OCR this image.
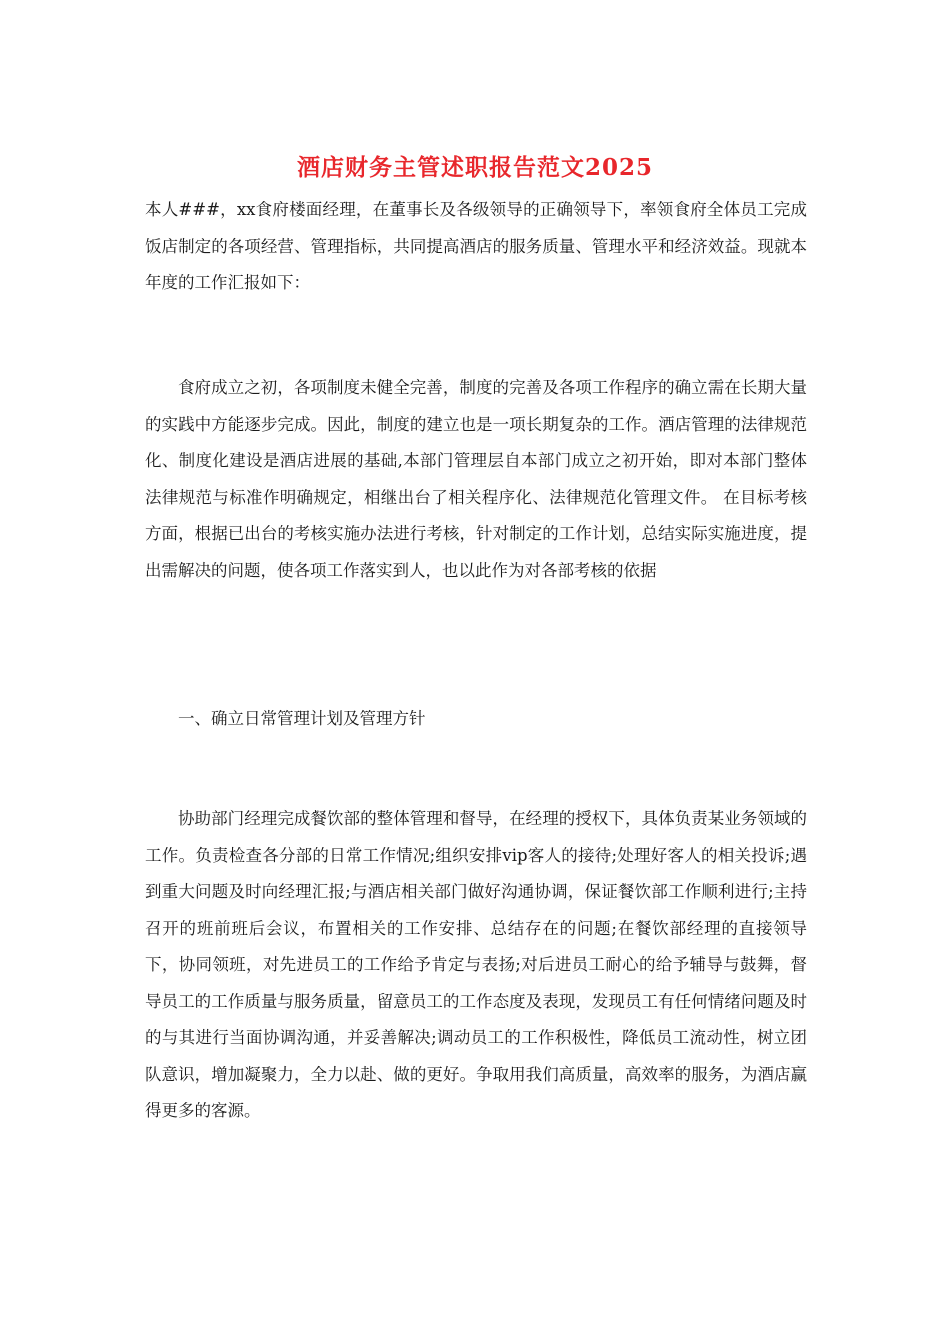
酒店财务主管述职报告范文2025

本人###，xx食府楼面经理，在董事长及各级领导的正确领导下，率领食府全体员工完成饭店制定的各项经营、管理指标，共同提高酒店的服务质量、管理水平和经济效益。现就本年度的工作汇报如下：

食府成立之初，各项制度未健全完善，制度的完善及各项工作程序的确立需在长期大量的实践中方能逐步完成。因此，制度的建立也是一项长期复杂的工作。酒店管理的法律规范化、制度化建设是酒店进展的基础,本部门管理层自本部门成立之初开始，即对本部门整体法律规范与标准作明确规定，相继出台了相关程序化、法律规范化管理文件。 在目标考核方面，根据已出台的考核实施办法进行考核，针对制定的工作计划，总结实际实施进度，提出需解决的问题，使各项工作落实到人，也以此作为对各部考核的依据

一、确立日常管理计划及管理方针

协助部门经理完成餐饮部的整体管理和督导，在经理的授权下，具体负责某业务领域的工作。负责检查各分部的日常工作情况;组织安排vip客人的接待;处理好客人的相关投诉;遇到重大问题及时向经理汇报;与酒店相关部门做好沟通协调，保证餐饮部工作顺利进行;主持召开的班前班后会议，布置相关的工作安排、总结存在的问题;在餐饮部经理的直接领导下，协同领班，对先进员工的工作给予肯定与表扬;对后进员工耐心的给予辅导与鼓舞，督导员工的工作质量与服务质量，留意员工的工作态度及表现，发现员工有任何情绪问题及时的与其进行当面协调沟通，并妥善解决;调动员工的工作积极性，降低员工流动性，树立团队意识，增加凝聚力，全力以赴、做的更好。争取用我们高质量，高效率的服务，为酒店赢得更多的客源。
